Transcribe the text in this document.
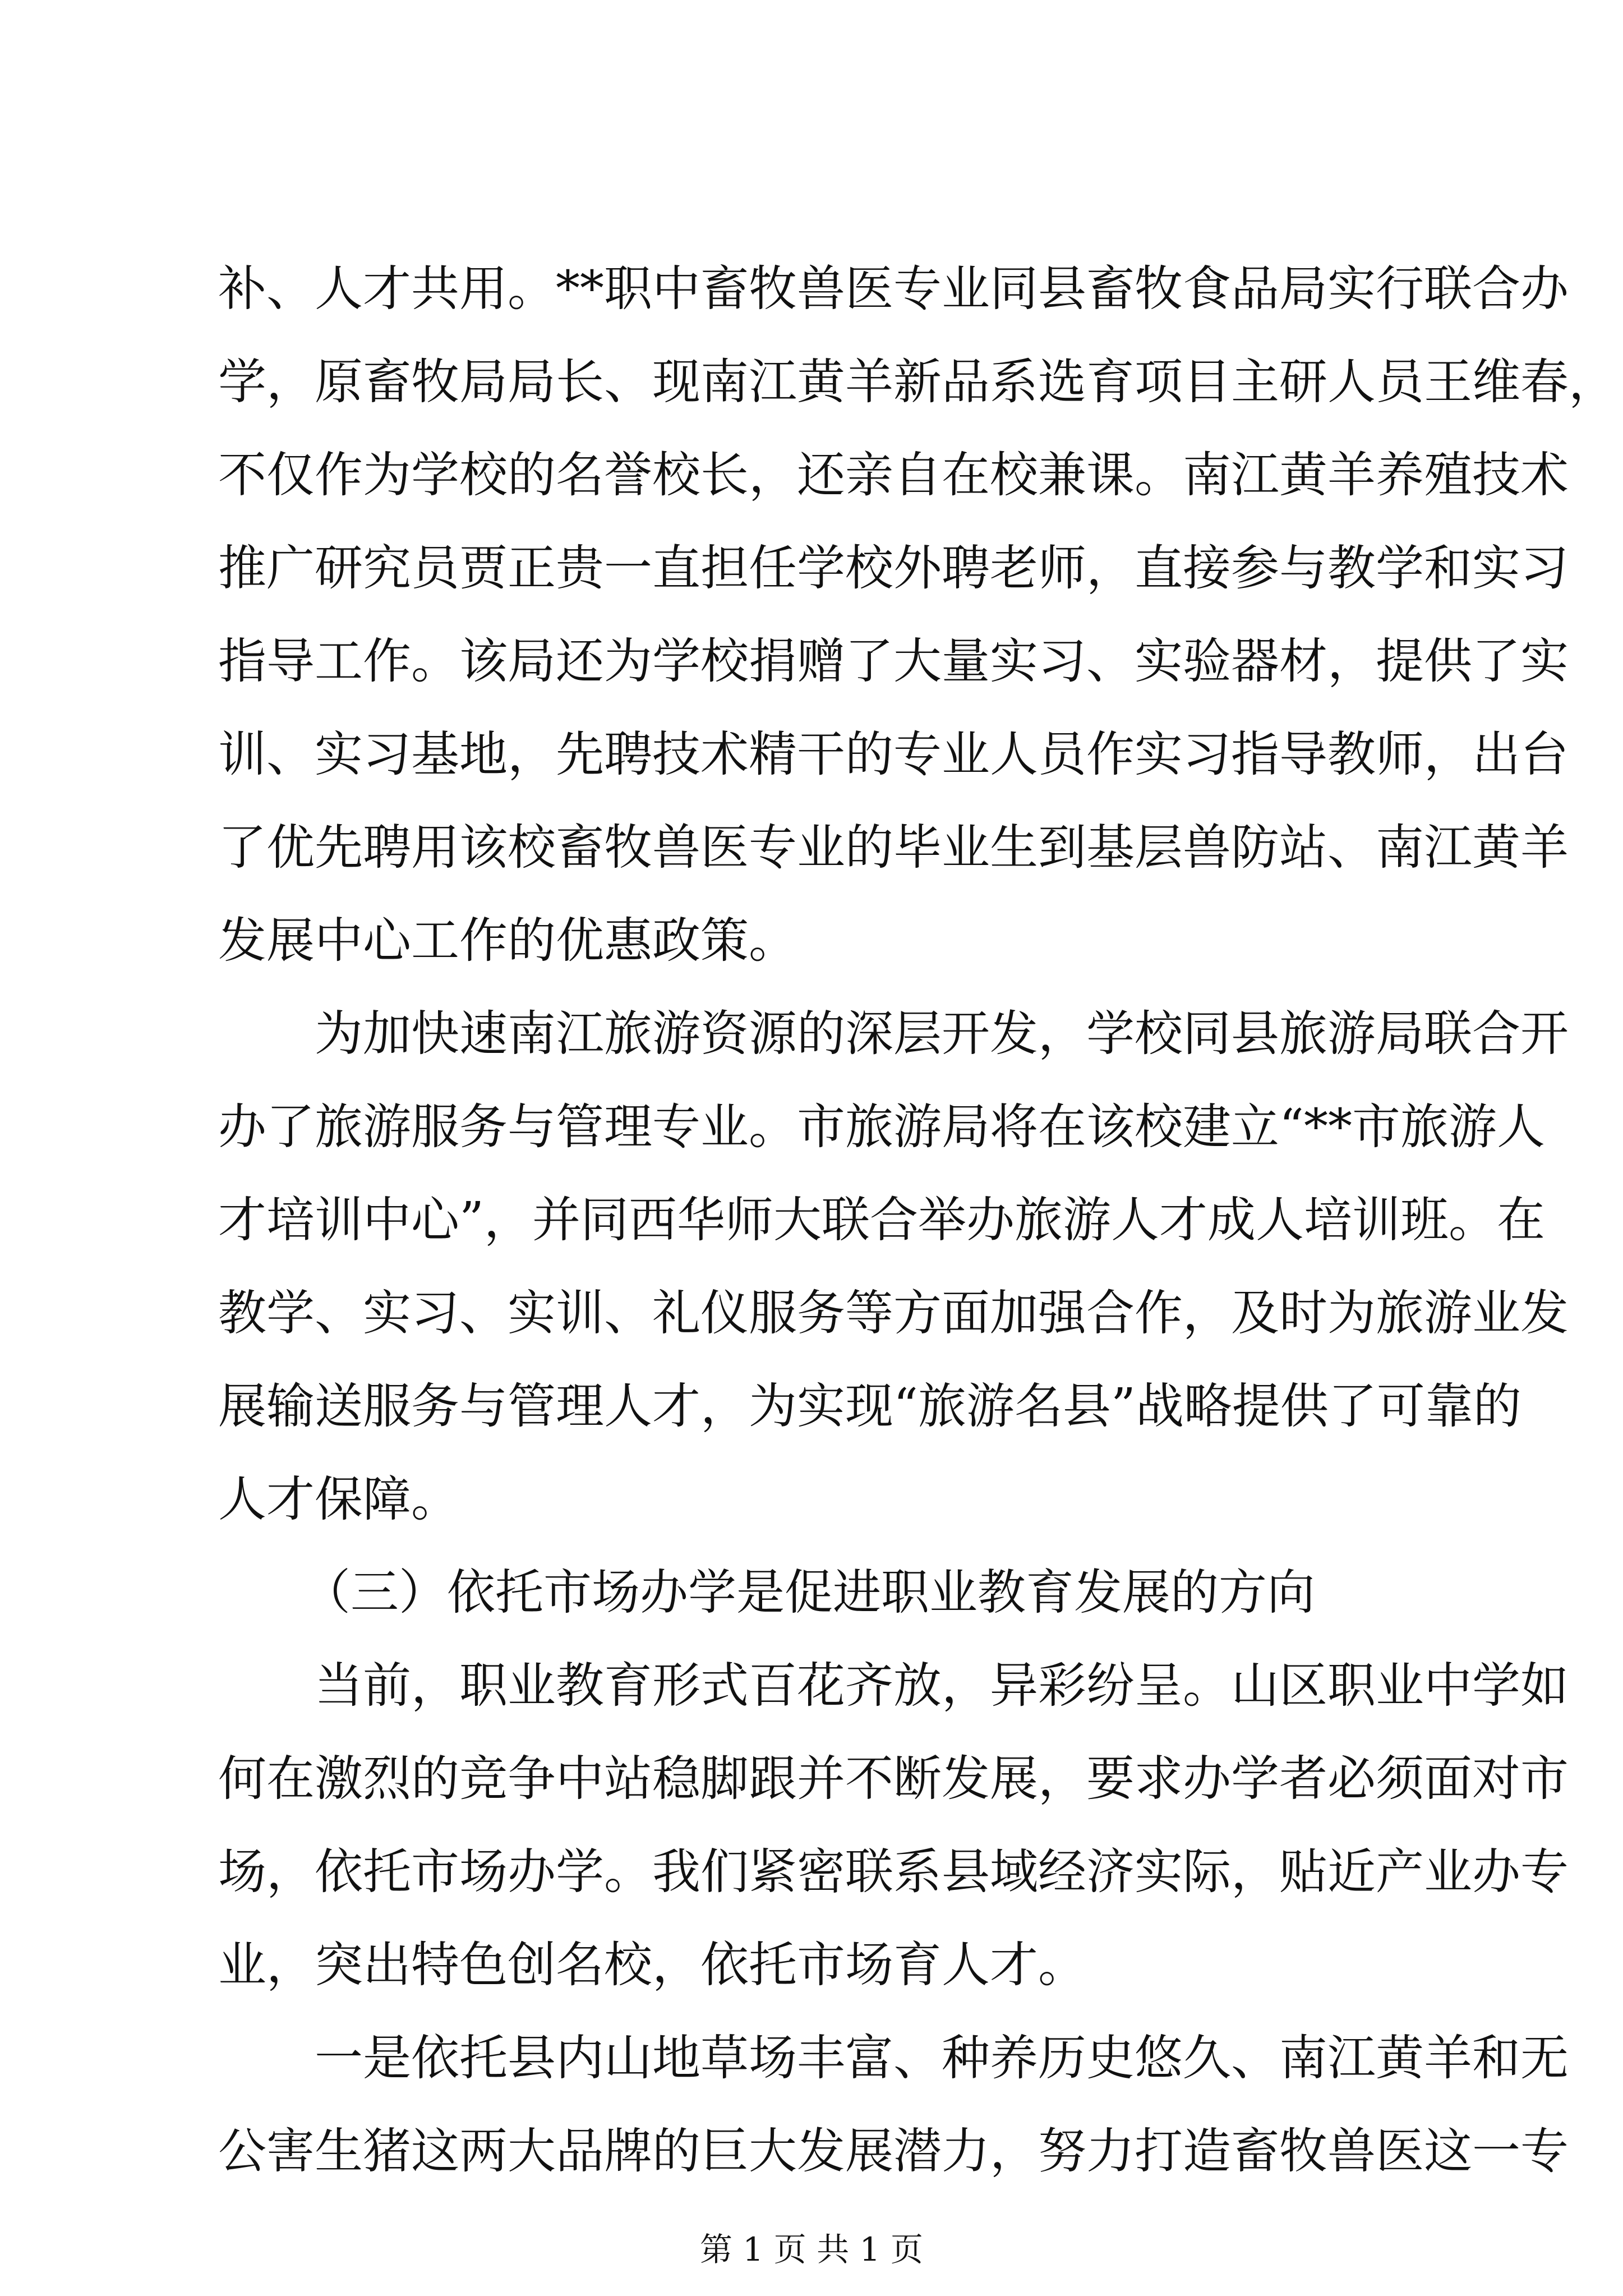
补、人才共用。**职中畜牧兽医专业同县畜牧食品局实行联合办
学，原畜牧局局长、现南江黄羊新品系选育项目主研人员王维春，
不仅作为学校的名誉校长，还亲自在校兼课。南江黄羊养殖技术
推广研究员贾正贵一直担任学校外聘老师，直接参与教学和实习
指导工作。该局还为学校捐赠了大量实习、实验器材，提供了实
训、实习基地，先聘技术精干的专业人员作实习指导教师，出台
了优先聘用该校畜牧兽医专业的毕业生到基层兽防站、南江黄羊
发展中心工作的优惠政策。
为加快速南江旅游资源的深层开发，学校同县旅游局联合开
办了旅游服务与管理专业。市旅游局将在该校建立“**市旅游人
才培训中心”，并同西华师大联合举办旅游人才成人培训班。在
教学、实习、实训、礼仪服务等方面加强合作，及时为旅游业发
展输送服务与管理人才，为实现“旅游名县”战略提供了可靠的
人才保障。
（三）依托市场办学是促进职业教育发展的方向
当前，职业教育形式百花齐放，异彩纷呈。山区职业中学如
何在激烈的竞争中站稳脚跟并不断发展，要求办学者必须面对市
场，依托市场办学。我们紧密联系县域经济实际，贴近产业办专
业，突出特色创名校，依托市场育人才。
一是依托县内山地草场丰富、种养历史悠久、南江黄羊和无
公害生猪这两大品牌的巨大发展潜力，努力打造畜牧兽医这一专
第 1 页 共 1 页
